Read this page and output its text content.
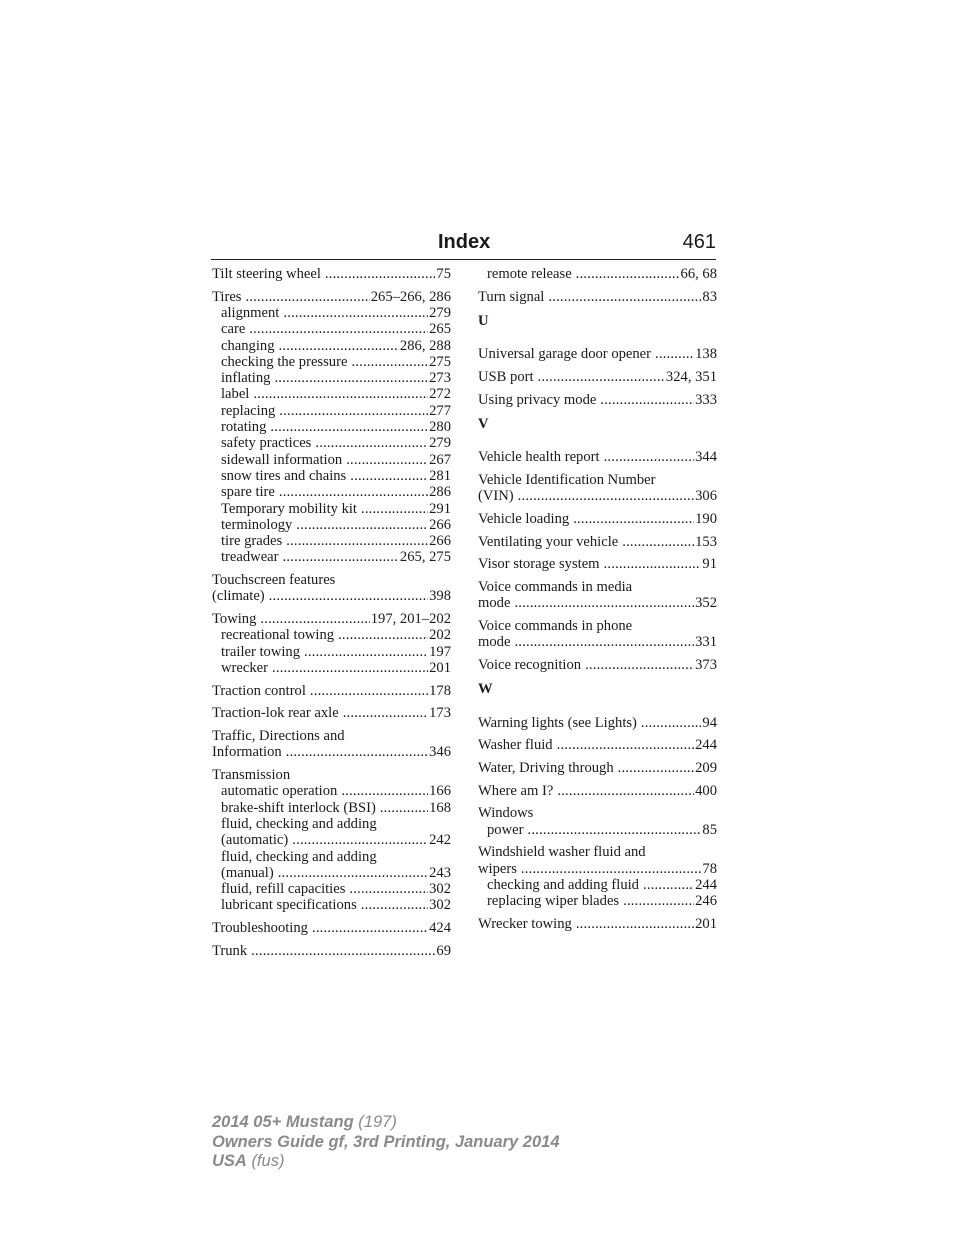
Index	461
Tilt steering wheel .....	75
Tires .....	265–266, 286
alignment .....	279
care .....	265
changing .....	286, 288
checking the pressure .....	275
inflating .....	273
label .....	272
replacing .....	277
rotating .....	280
safety practices .....	279
sidewall information .....	267
snow tires and chains .....	281
spare tire .....	286
Temporary mobility kit .....	291
terminology .....	266
tire grades .....	266
treadwear .....	265, 275
Touchscreen features
(climate) .....	398
Towing .....	197, 201–202
recreational towing .....	202
trailer towing .....	197
wrecker .....	201
Traction control .....	178
Traction-lok rear axle .....	173
Traffic, Directions and
Information .....	346
Transmission
automatic operation .....	166
brake-shift interlock (BSI) .....	168
fluid, checking and adding
(automatic) .....	242
fluid, checking and adding
(manual) .....	243
fluid, refill capacities .....	302
lubricant specifications .....	302
Troubleshooting .....	424
Trunk .....	69
remote release .....	66, 68
Turn signal .....	83
U
Universal garage door opener .....	138
USB port .....	324, 351
Using privacy mode .....	333
V
Vehicle health report .....	344
Vehicle Identification Number
(VIN) .....	306
Vehicle loading .....	190
Ventilating your vehicle .....	153
Visor storage system .....	91
Voice commands in media
mode .....	352
Voice commands in phone
mode .....	331
Voice recognition .....	373
W
Warning lights (see Lights) .....	94
Washer fluid .....	244
Water, Driving through .....	209
Where am I? .....	400
Windows
power .....	85
Windshield washer fluid and
wipers .....	78
checking and adding fluid .....	244
replacing wiper blades .....	246
Wrecker towing .....	201
2014 05+ Mustang (197)
Owners Guide gf, 3rd Printing, January 2014
USA (fus)
